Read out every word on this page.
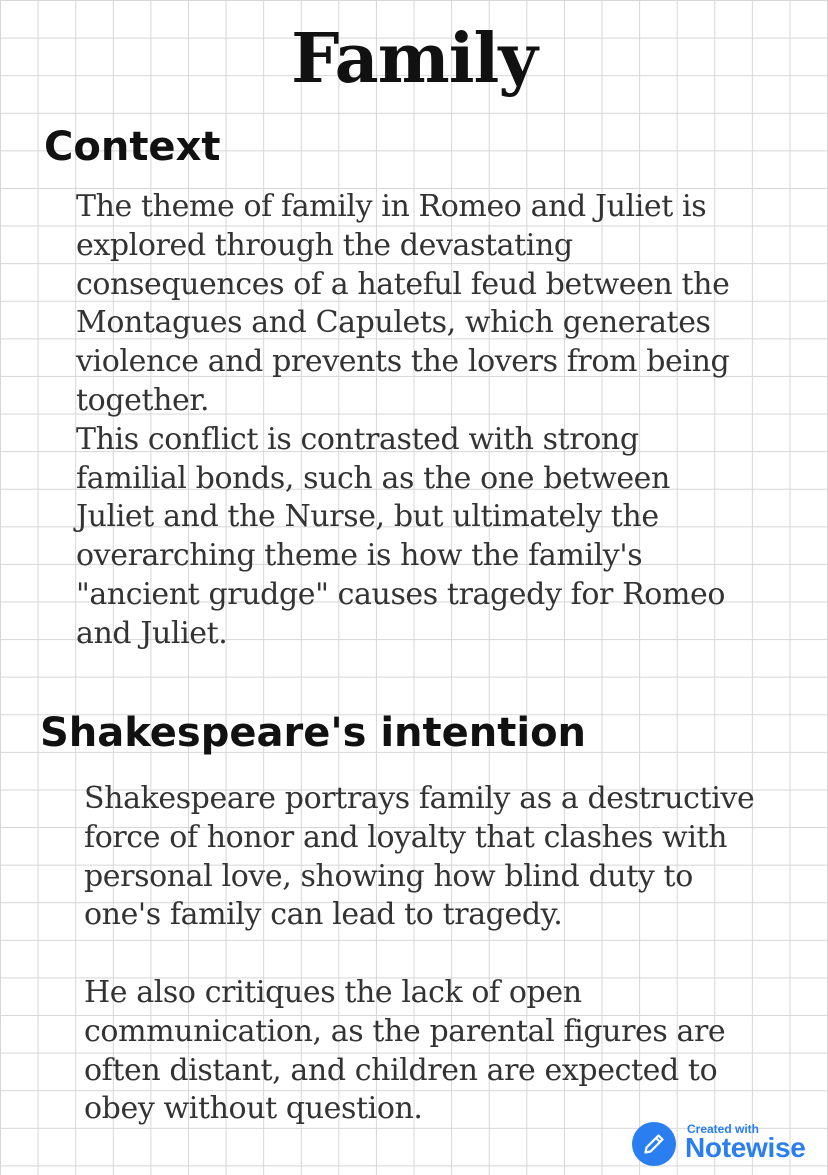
Family
Context
The theme of family in Romeo and Juliet is
explored through the devastating
consequences of a hateful feud between the
Montagues and Capulets, which generates
violence and prevents the lovers from being
together.
This conflict is contrasted with strong
familial bonds, such as the one between
Juliet and the Nurse, but ultimately the
overarching theme is how the family's
"ancient grudge" causes tragedy for Romeo
and Juliet.
Shakespeare's intention
Shakespeare portrays family as a destructive
force of honor and loyalty that clashes with
personal love, showing how blind duty to
one's family can lead to tragedy.
He also critiques the lack of open
communication, as the parental figures are
often distant, and children are expected to
obey without question.
Created with
Notewise
